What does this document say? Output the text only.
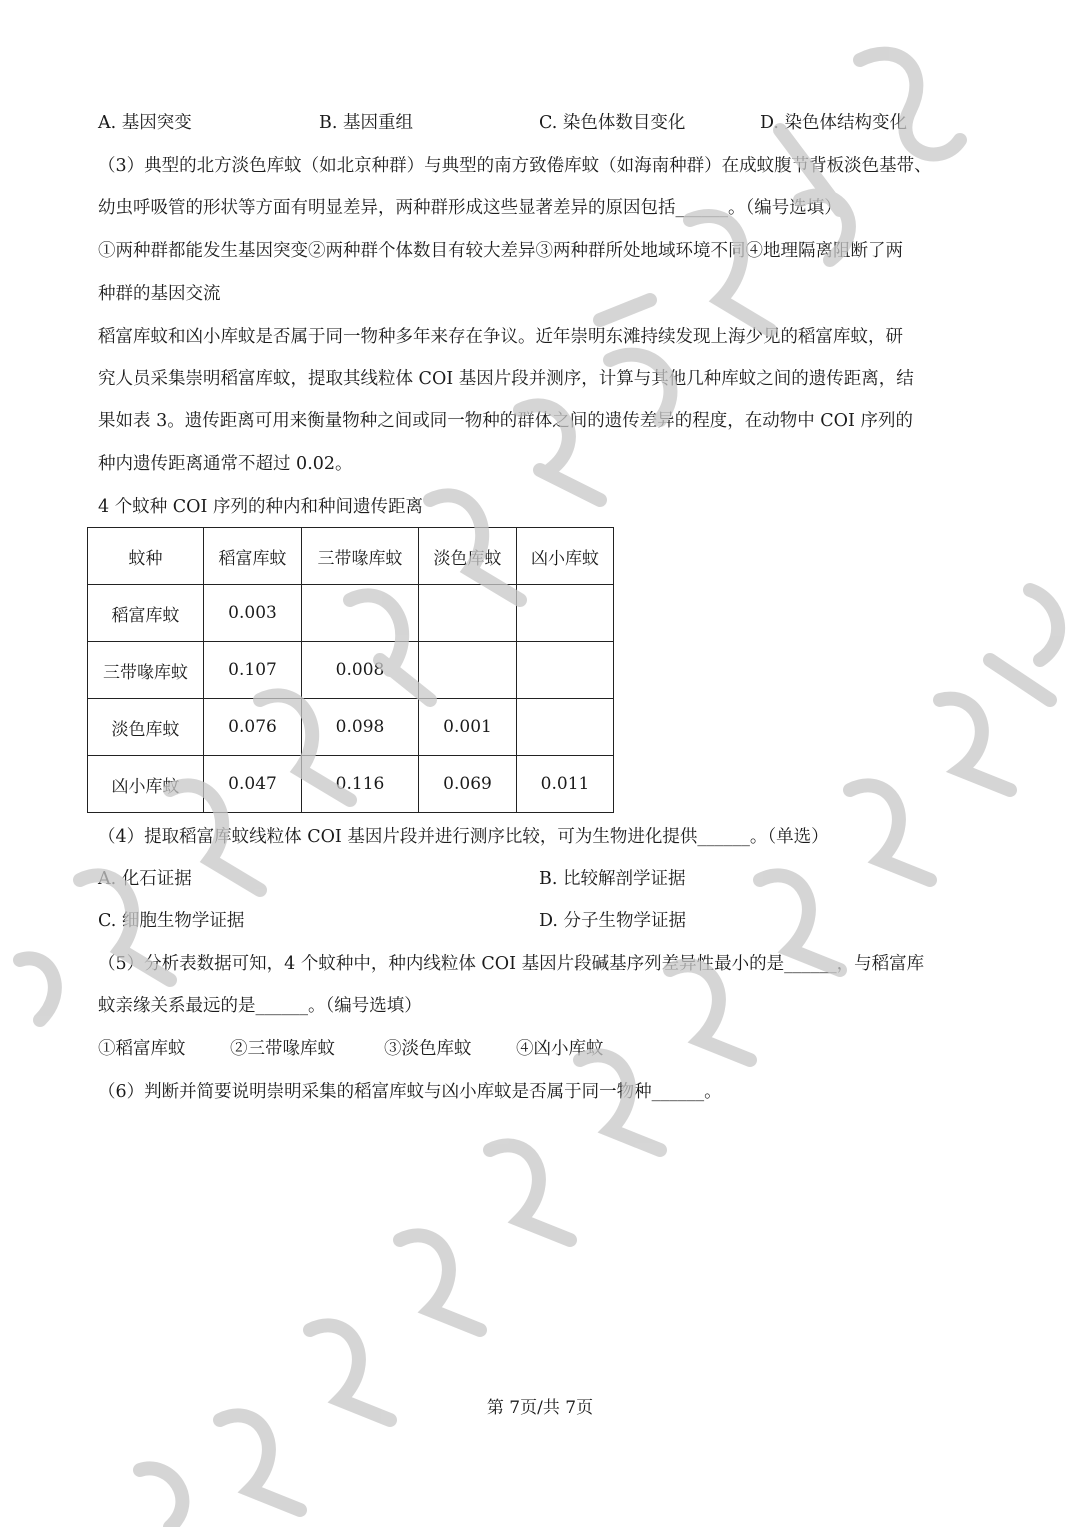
A. 基因突变	B. 基因重组	C. 染色体数目变化	D. 染色体结构变化
（3）典型的北方淡色库蚊（如北京种群）与典型的南方致倦库蚊（如海南种群）在成蚊腹节背板淡色基带、
幼虫呼吸管的形状等方面有明显差异，两种群形成这些显著差异的原因包括______。（编号选填）
①两种群都能发生基因突变②两种群个体数目有较大差异③两种群所处地域环境不同④地理隔离阻断了两
种群的基因交流
稻富库蚊和凶小库蚊是否属于同一物种多年来存在争议。近年崇明东滩持续发现上海少见的稻富库蚊，研
究人员采集崇明稻富库蚊，提取其线粒体 COI 基因片段并测序，计算与其他几种库蚊之间的遗传距离，结
果如表 3。遗传距离可用来衡量物种之间或同一物种的群体之间的遗传差异的程度，在动物中 COI 序列的
种内遗传距离通常不超过 0.02。
4 个蚊种 COI 序列的种内和种间遗传距离
蚊种	稻富库蚊	三带喙库蚊	淡色库蚊	凶小库蚊
稻富库蚊	0.003			
三带喙库蚊	0.107	0.008		
淡色库蚊	0.076	0.098	0.001	
凶小库蚊	0.047	0.116	0.069	0.011
（4）提取稻富库蚊线粒体 COI 基因片段并进行测序比较，可为生物进化提供______。（单选）
A. 化石证据	B. 比较解剖学证据
C. 细胞生物学证据	D. 分子生物学证据
（5）分析表数据可知，4 个蚊种中，种内线粒体 COI 基因片段碱基序列差异性最小的是______，与稻富库
蚊亲缘关系最远的是______。（编号选填）
①稻富库蚊	②三带喙库蚊	③淡色库蚊	④凶小库蚊
（6）判断并简要说明崇明采集的稻富库蚊与凶小库蚊是否属于同一物种______。
第 7页/共 7页
